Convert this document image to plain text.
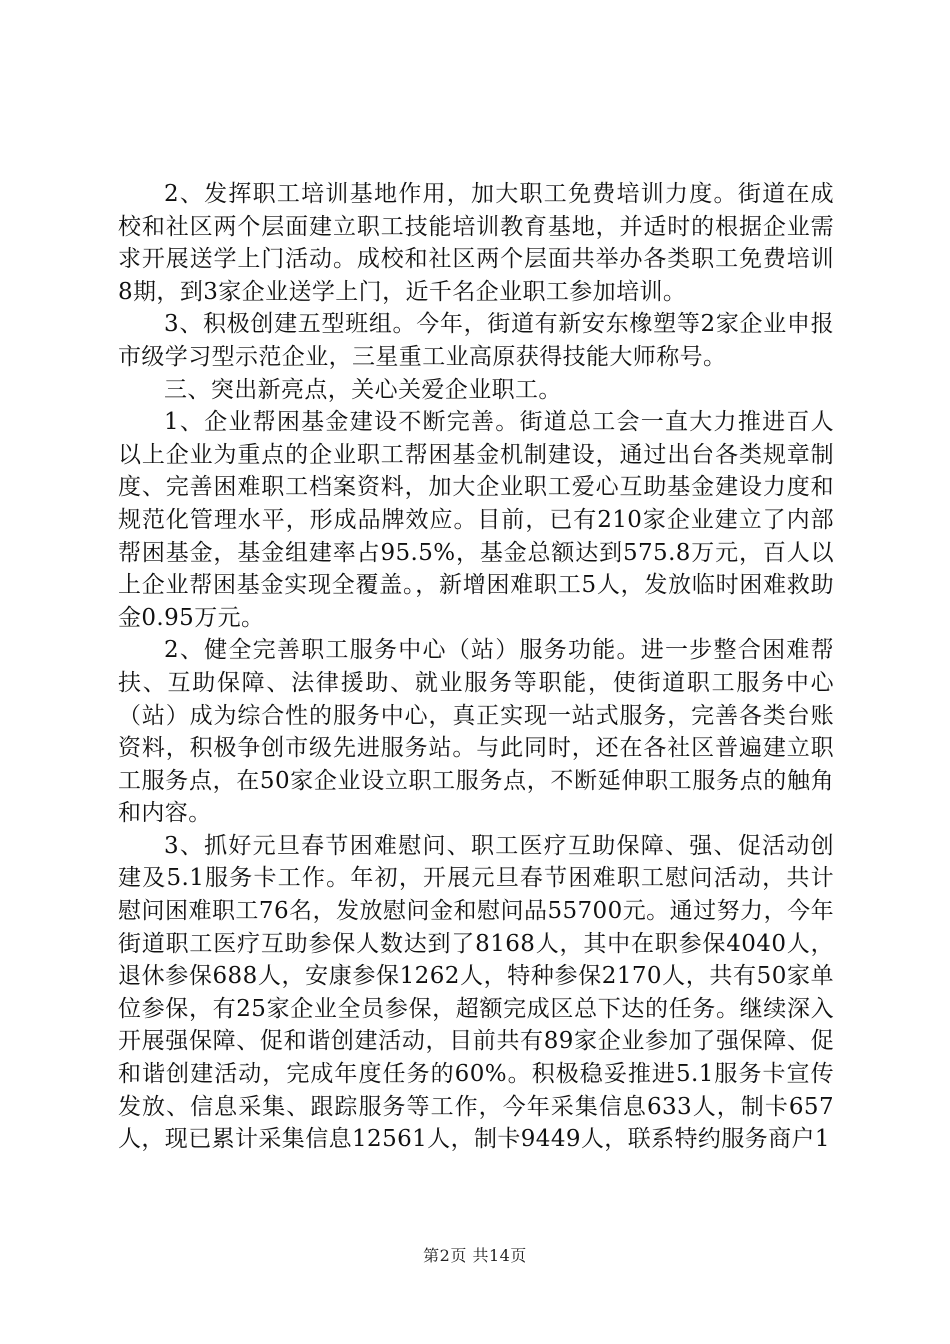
2、发挥职工培训基地作用，加大职工免费培训力度。街道在成校和社区两个层面建立职工技能培训教育基地，并适时的根据企业需求开展送学上门活动。成校和社区两个层面共举办各类职工免费培训8期，到3家企业送学上门，近千名企业职工参加培训。

3、积极创建五型班组。今年，街道有新安东橡塑等2家企业申报市级学习型示范企业，三星重工业高原获得技能大师称号。

三、突出新亮点，关心关爱企业职工。

1、企业帮困基金建设不断完善。街道总工会一直大力推进百人以上企业为重点的企业职工帮困基金机制建设，通过出台各类规章制度、完善困难职工档案资料，加大企业职工爱心互助基金建设力度和规范化管理水平，形成品牌效应。目前，已有210家企业建立了内部帮困基金，基金组建率占95.5%，基金总额达到575.8万元，百人以上企业帮困基金实现全覆盖。，新增困难职工5人，发放临时困难救助金0.95万元。

2、健全完善职工服务中心（站）服务功能。进一步整合困难帮扶、互助保障、法律援助、就业服务等职能，使街道职工服务中心（站）成为综合性的服务中心，真正实现一站式服务，完善各类台账资料，积极争创市级先进服务站。与此同时，还在各社区普遍建立职工服务点，在50家企业设立职工服务点，不断延伸职工服务点的触角和内容。

3、抓好元旦春节困难慰问、职工医疗互助保障、强、促活动创建及5.1服务卡工作。年初，开展元旦春节困难职工慰问活动，共计慰问困难职工76名，发放慰问金和慰问品55700元。通过努力，今年街道职工医疗互助参保人数达到了8168人，其中在职参保4040人，退休参保688人，安康参保1262人，特种参保2170人，共有50家单位参保，有25家企业全员参保，超额完成区总下达的任务。继续深入开展强保障、促和谐创建活动，目前共有89家企业参加了强保障、促和谐创建活动，完成年度任务的60%。积极稳妥推进5.1服务卡宣传发放、信息采集、跟踪服务等工作，今年采集信息633人，制卡657人，现已累计采集信息12561人，制卡9449人，联系特约服务商户1

第2页 共14页
